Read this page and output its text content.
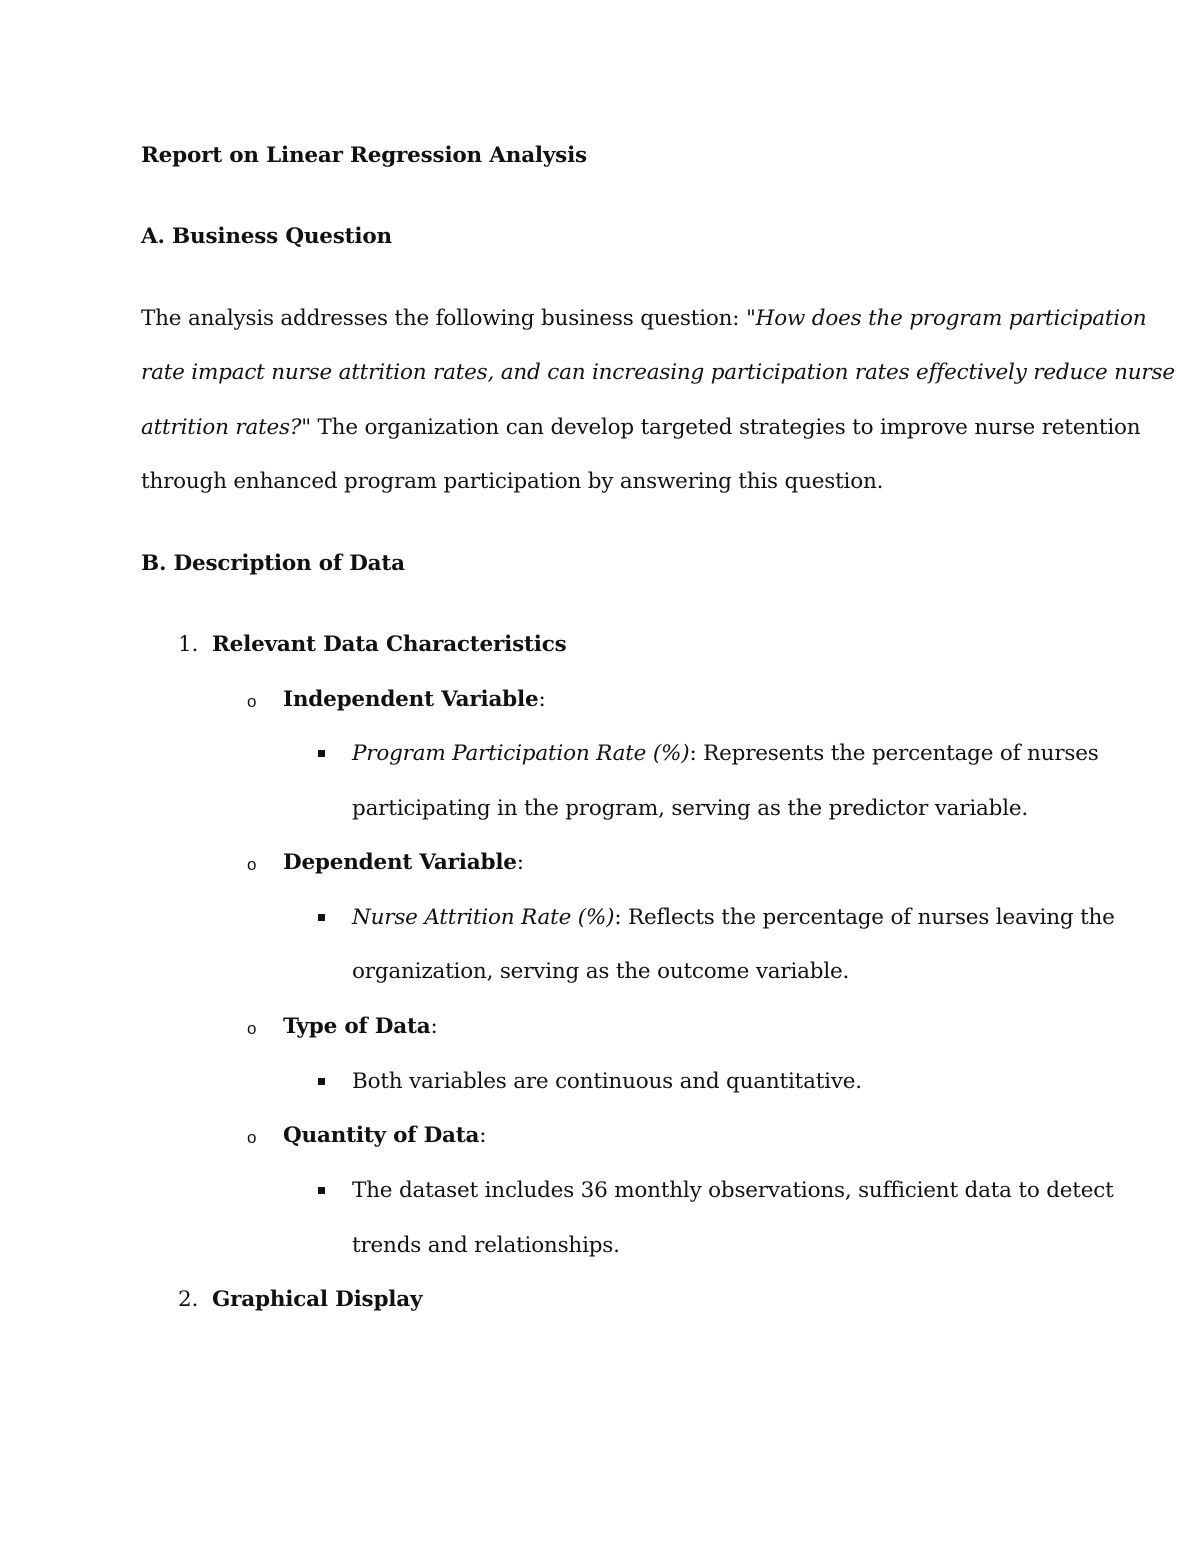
Report on Linear Regression Analysis
A. Business Question
The analysis addresses the following business question: "How does the program participation
rate impact nurse attrition rates, and can increasing participation rates effectively reduce nurse
attrition rates?" The organization can develop targeted strategies to improve nurse retention
through enhanced program participation by answering this question.
B. Description of Data
1. Relevant Data Characteristics
o Independent Variable:
Program Participation Rate (%): Represents the percentage of nurses
participating in the program, serving as the predictor variable.
o Dependent Variable:
Nurse Attrition Rate (%): Reflects the percentage of nurses leaving the
organization, serving as the outcome variable.
o Type of Data:
Both variables are continuous and quantitative.
o Quantity of Data:
The dataset includes 36 monthly observations, sufficient data to detect
trends and relationships.
2. Graphical Display
